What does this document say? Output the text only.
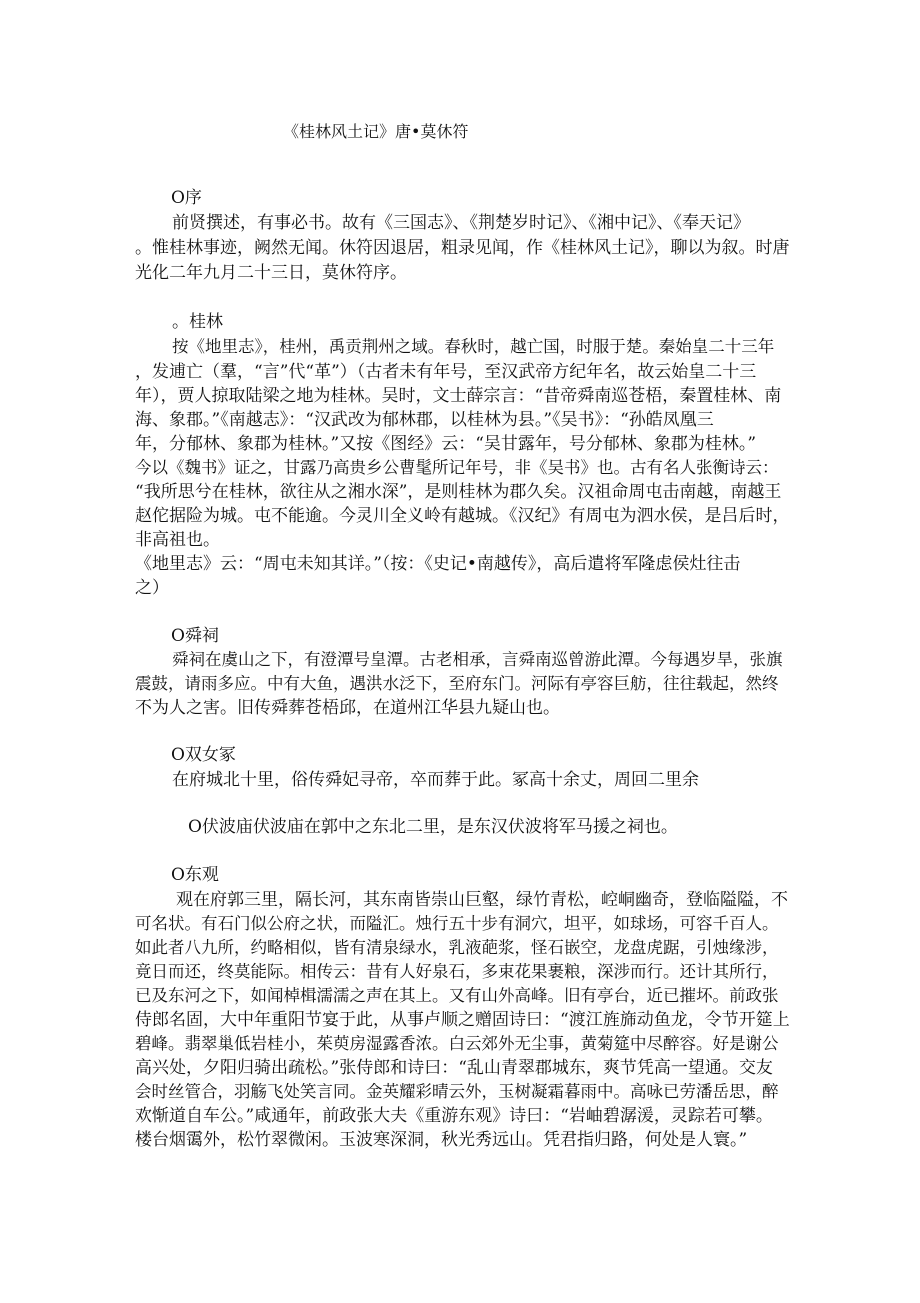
《桂林风土记》唐•莫休符
O序
前贤撰述，有事必书。故有《三国志》、《荆楚岁时记》、《湘中记》、《奉天记》
。惟桂林事迹，阙然无闻。休符因退居，粗录见闻，作《桂林风土记》，聊以为叙。时唐
光化二年九月二十三日，莫休符序。
。桂林
按《地里志》，桂州，禹贡荆州之域。春秋时，越亡国，时服于楚。秦始皇二十三年
，发逋亡（羣，“言”代“革”）（古者未有年号，至汉武帝方纪年名，故云始皇二十三
年），贾人掠取陆梁之地为桂林。吴时，文士薛宗言：“昔帝舜南巡苍梧，秦置桂林、南
海、象郡。”《南越志》：“汉武改为郁林郡，以桂林为县。”《吴书》：“孙皓凤凰三
年，分郁林、象郡为桂林。”又按《图经》云：“吴甘露年，号分郁林、象郡为桂林。”
今以《魏书》证之，甘露乃高贵乡公曹髦所记年号，非《吴书》也。古有名人张衡诗云：
“我所思兮在桂林，欲往从之湘水深”，是则桂林为郡久矣。汉祖命周屯击南越，南越王
赵佗据险为城。屯不能逾。今灵川全义岭有越城。《汉纪》有周屯为泗水侯，是吕后时，
非高祖也。
《地里志》云：“周屯未知其详。”（按：《史记•南越传》，高后遣将军隆虑侯灶往击
之）
O舜祠
舜祠在虞山之下，有澄潭号皇潭。古老相承，言舜南巡曾游此潭。今每遇岁旱，张旗
震鼓，请雨多应。中有大鱼，遇洪水泛下，至府东门。河际有亭容巨舫，往往载起，然终
不为人之害。旧传舜葬苍梧邱，在道州江华县九疑山也。
O双女冢
在府城北十里，俗传舜妃寻帝，卒而葬于此。冢高十余丈，周回二里余
O伏波庙伏波庙在郭中之东北二里，是东汉伏波将军马援之祠也。
O东观
观在府郭三里，隔长河，其东南皆崇山巨壑，绿竹青松，崆峒幽奇，登临隘隘，不
可名状。有石门似公府之状，而隘汇。烛行五十步有洞穴，坦平，如球场，可容千百人。
如此者八九所，约略相似，皆有清泉绿水，乳液葩浆，怪石嵌空，龙盘虎踞，引烛缘涉，
竟日而还，终莫能际。相传云：昔有人好泉石，多束花果裹粮，深涉而行。还计其所行，
已及东河之下，如闻棹楫濡濡之声在其上。又有山外高峰。旧有亭台，近已摧坏。前政张
侍郎名固，大中年重阳节宴于此，从事卢顺之赠固诗曰：“渡江旌旆动鱼龙，令节开筵上
碧峰。翡翠巢低岩桂小，茱萸房湿露香浓。白云郊外无尘事，黄菊筵中尽醉容。好是谢公
高兴处，夕阳归骑出疏松。”张侍郎和诗曰：“乱山青翠郡城东，爽节凭高一望通。交友
会时丝管合，羽觞飞处笑言同。金英耀彩晴云外，玉树凝霜暮雨中。高咏已劳潘岳思，醉
欢惭道自车公。”咸通年，前政张大夫《重游东观》诗曰：“岩岫碧潺湲，灵踪若可攀。
楼台烟霭外，松竹翠微闲。玉波寒深洞，秋光秀远山。凭君指归路，何处是人寰。”
